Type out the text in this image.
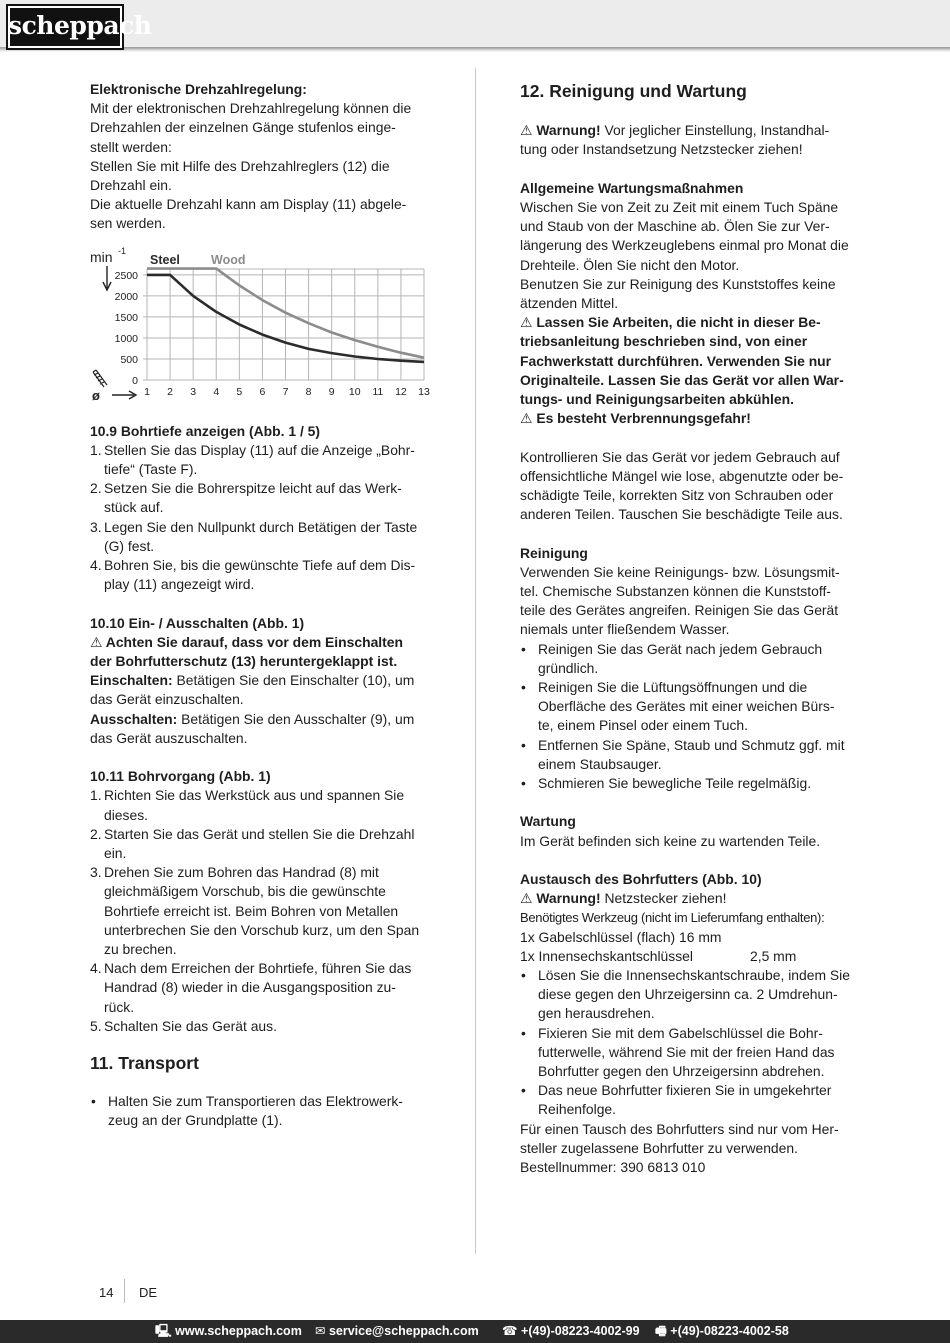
scheppach

Elektronische Drehzahlregelung:

Mit der elektronischen Drehzahlregelung können die

Drehzahlen der einzelnen Gänge stufenlos einge-

stellt werden:

Stellen Sie mit Hilfe des Drehzahlreglers (12) die

Drehzahl ein.

Die aktuelle Drehzahl kann am Display (11) abgele-

sen werden.

0
500
1000
1500
2000
2500
1 2 3 4 5 6 7 8 9 10 11 12 13
Steel Wood
min -1
ø

10.9 Bohrtiefe anzeigen (Abb. 1 / 5)

1. Stellen Sie das Display (11) auf die Anzeige „Bohr-
tiefe“ (Taste F).
2. Setzen Sie die Bohrerspitze leicht auf das Werk-
stück auf.
3. Legen Sie den Nullpunkt durch Betätigen der Taste
(G) fest.
4. Bohren Sie, bis die gewünschte Tiefe auf dem Dis-
play (11) angezeigt wird.

10.10 Ein- / Ausschalten (Abb. 1)

⚠ Achten Sie darauf, dass vor dem Einschalten

der Bohrfutterschutz (13) heruntergeklappt ist.

Einschalten: Betätigen Sie den Einschalter (10), um

das Gerät einzuschalten.

Ausschalten: Betätigen Sie den Ausschalter (9), um

das Gerät auszuschalten.

10.11 Bohrvorgang (Abb. 1)

1. Richten Sie das Werkstück aus und spannen Sie
dieses.
2. Starten Sie das Gerät und stellen Sie die Drehzahl
ein.
3. Drehen Sie zum Bohren das Handrad (8) mit
gleichmäßigem Vorschub, bis die gewünschte
Bohrtiefe erreicht ist. Beim Bohren von Metallen
unterbrechen Sie den Vorschub kurz, um den Span
zu brechen.
4. Nach dem Erreichen der Bohrtiefe, führen Sie das
Handrad (8) wieder in die Ausgangsposition zu-
rück.
5. Schalten Sie das Gerät aus.

11. Transport

• Halten Sie zum Transportieren das Elektrowerk-
zeug an der Grundplatte (1).

12. Reinigung und Wartung

⚠ Warnung! Vor jeglicher Einstellung, Instandhal-

tung oder Instandsetzung Netzstecker ziehen!

Allgemeine Wartungsmaßnahmen

Wischen Sie von Zeit zu Zeit mit einem Tuch Späne

und Staub von der Maschine ab. Ölen Sie zur Ver-

längerung des Werkzeuglebens einmal pro Monat die

Drehteile. Ölen Sie nicht den Motor.

Benutzen Sie zur Reinigung des Kunststoffes keine

ätzenden Mittel.

⚠ Lassen Sie Arbeiten, die nicht in dieser Be-

triebsanleitung beschrieben sind, von einer

Fachwerkstatt durchführen. Verwenden Sie nur

Originalteile. Lassen Sie das Gerät vor allen War-

tungs- und Reinigungsarbeiten abkühlen.

⚠ Es besteht Verbrennungsgefahr!

Kontrollieren Sie das Gerät vor jedem Gebrauch auf

offensichtliche Mängel wie lose, abgenutzte oder be-

schädigte Teile, korrekten Sitz von Schrauben oder

anderen Teilen. Tauschen Sie beschädigte Teile aus.

Reinigung

Verwenden Sie keine Reinigungs- bzw. Lösungsmit-

tel. Chemische Substanzen können die Kunststoff-

teile des Gerätes angreifen. Reinigen Sie das Gerät

niemals unter fließendem Wasser.

• Reinigen Sie das Gerät nach jedem Gebrauch
gründlich.
• Reinigen Sie die Lüftungsöffnungen und die
Oberfläche des Gerätes mit einer weichen Bürs-
te, einem Pinsel oder einem Tuch.
• Entfernen Sie Späne, Staub und Schmutz ggf. mit
einem Staubsauger.
• Schmieren Sie bewegliche Teile regelmäßig.

Wartung

Im Gerät befinden sich keine zu wartenden Teile.

Austausch des Bohrfutters (Abb. 10)

⚠ Warnung! Netzstecker ziehen!

Benötigtes Werkzeug (nicht im Lieferumfang enthalten):

1x Gabelschlüssel (flach) 16 mm

1x Innensechskantschlüssel	2,5 mm

• Lösen Sie die Innensechskantschraube, indem Sie
diese gegen den Uhrzeigersinn ca. 2 Umdrehun-
gen herausdrehen.
• Fixieren Sie mit dem Gabelschlüssel die Bohr-
futterwelle, während Sie mit der freien Hand das
Bohrfutter gegen den Uhrzeigersinn abdrehen.
• Das neue Bohrfutter fixieren Sie in umgekehrter
Reihenfolge.

Für einen Tausch des Bohrfutters sind nur vom Her-

steller zugelassene Bohrfutter zu verwenden.

Bestellnummer: 390 6813 010

14 DE
🖳 www.scheppach.com ✉ service@scheppach.com ☎ +(49)-08223-4002-99 🖷 +(49)-08223-4002-58
